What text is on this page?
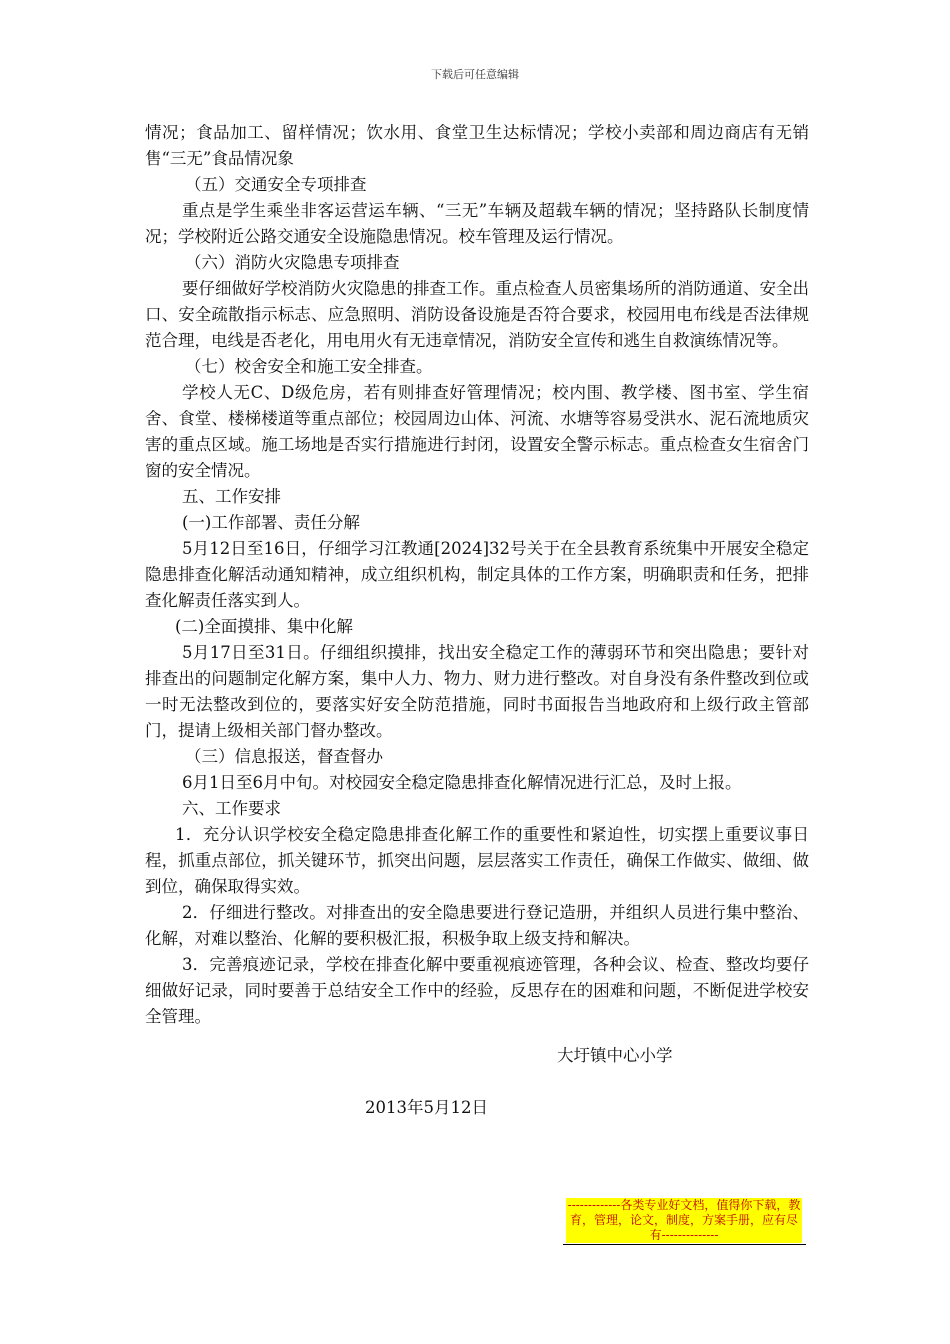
下载后可任意编辑

情况；食品加工、留样情况；饮水用、食堂卫生达标情况；学校小卖部和周边商店有无销售“三无”食品情况象

（五）交通安全专项排查

重点是学生乘坐非客运营运车辆、“三无”车辆及超载车辆的情况；坚持路队长制度情况；学校附近公路交通安全设施隐患情况。校车管理及运行情况。

（六）消防火灾隐患专项排查

要仔细做好学校消防火灾隐患的排查工作。重点检查人员密集场所的消防通道、安全出口、安全疏散指示标志、应急照明、消防设备设施是否符合要求，校园用电布线是否法律规范合理，电线是否老化，用电用火有无违章情况，消防安全宣传和逃生自救演练情况等。

（七）校舍安全和施工安全排查。

学校人无C、D级危房，若有则排查好管理情况；校内围、教学楼、图书室、学生宿舍、食堂、楼梯楼道等重点部位；校园周边山体、河流、水塘等容易受洪水、泥石流地质灾害的重点区域。施工场地是否实行措施进行封闭，设置安全警示标志。重点检查女生宿舍门窗的安全情况。

五、工作安排

(一)工作部署、责任分解

5月12日至16日，仔细学习江教通[2024]32号关于在全县教育系统集中开展安全稳定隐患排查化解活动通知精神，成立组织机构，制定具体的工作方案，明确职责和任务，把排查化解责任落实到人。

(二)全面摸排、集中化解

5月17日至31日。仔细组织摸排，找出安全稳定工作的薄弱环节和突出隐患；要针对排查出的问题制定化解方案，集中人力、物力、财力进行整改。对自身没有条件整改到位或一时无法整改到位的，要落实好安全防范措施，同时书面报告当地政府和上级行政主管部门，提请上级相关部门督办整改。

（三）信息报送，督查督办

6月1日至6月中旬。对校园安全稳定隐患排查化解情况进行汇总，及时上报。

六、工作要求

1．充分认识学校安全稳定隐患排查化解工作的重要性和紧迫性，切实摆上重要议事日程，抓重点部位，抓关键环节，抓突出问题，层层落实工作责任，确保工作做实、做细、做到位，确保取得实效。

2．仔细进行整改。对排查出的安全隐患要进行登记造册，并组织人员进行集中整治、化解，对难以整治、化解的要积极汇报，积极争取上级支持和解决。

3．完善痕迹记录，学校在排查化解中要重视痕迹管理，各种会议、检查、整改均要仔细做好记录，同时要善于总结安全工作中的经验，反思存在的困难和问题，不断促进学校安全管理。

大圩镇中心小学
2013年5月12日
-------------各类专业好文档，值得你下载，教育，管理，论文，制度，方案手册，应有尽有--------------
